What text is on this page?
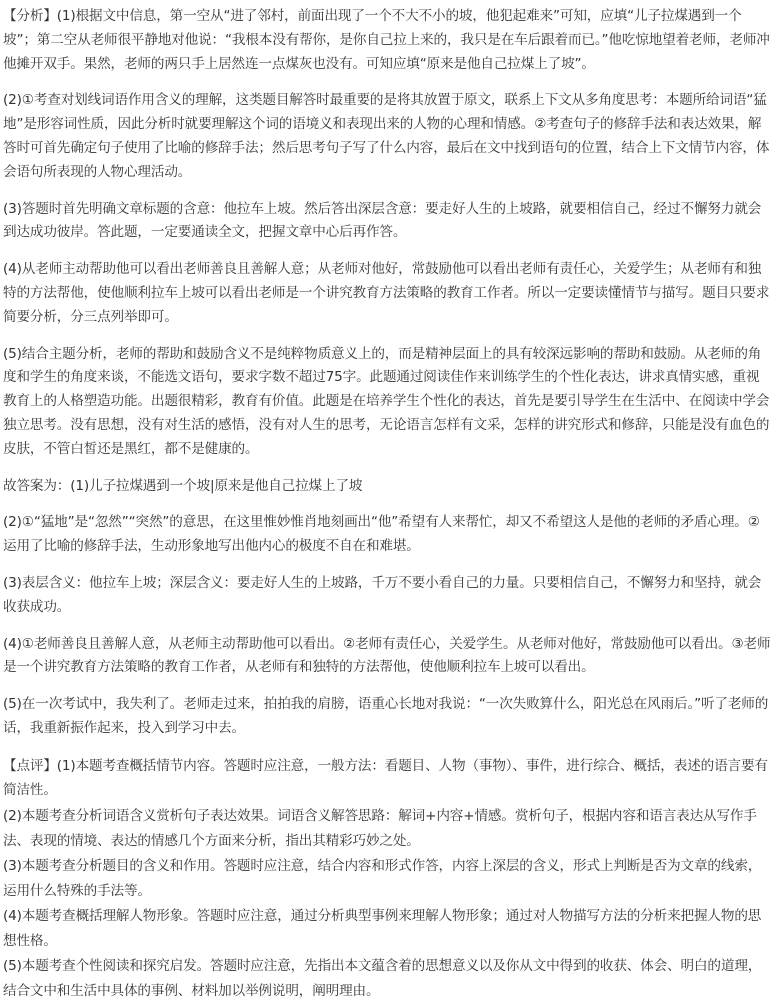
【分析】(1)根据文中信息，第一空从“进了邻村，前面出现了一个不大不小的坡，他犯起难来”可知，应填“儿子拉煤遇到一个坡”；第二空从老师很平静地对他说：“我根本没有帮你，是你自己拉上来的，我只是在车后跟着而已。”他吃惊地望着老师，老师冲他摊开双手。果然，老师的两只手上居然连一点煤灰也没有。可知应填“原来是他自己拉煤上了坡”。

(2)①考查对划线词语作用含义的理解，这类题目解答时最重要的是将其放置于原文，联系上下文从多角度思考：本题所给词语“猛地”是形容词性质，因此分析时就要理解这个词的语境义和表现出来的人物的心理和情感。②考查句子的修辞手法和表达效果，解答时可首先确定句子使用了比喻的修辞手法；然后思考句子写了什么内容，最后在文中找到语句的位置，结合上下文情节内容，体会语句所表现的人物心理活动。

(3)答题时首先明确文章标题的含意：他拉车上坡。然后答出深层含意：要走好人生的上坡路，就要相信自己，经过不懈努力就会到达成功彼岸。答此题，一定要通读全文，把握文章中心后再作答。

(4)从老师主动帮助他可以看出老师善良且善解人意；从老师对他好，常鼓励他可以看出老师有责任心，关爱学生；从老师有和独特的方法帮他，使他顺利拉车上坡可以看出老师是一个讲究教育方法策略的教育工作者。所以一定要读懂情节与描写。题目只要求简要分析，分三点列举即可。

(5)结合主题分析，老师的帮助和鼓励含义不是纯粹物质意义上的，而是精神层面上的具有较深远影响的帮助和鼓励。从老师的角度和学生的角度来谈，不能选文语句，要求字数不超过75字。此题通过阅读佳作来训练学生的个性化表达，讲求真情实感，重视教育上的人格塑造功能。出题很精彩，教育有价值。此题是在培养学生个性化的表达，首先是要引导学生在生活中、在阅读中学会独立思考。没有思想，没有对生活的感悟，没有对人生的思考，无论语言怎样有文采，怎样的讲究形式和修辞，只能是没有血色的皮肤，不管白皙还是黑红，都不是健康的。

故答案为：(1)儿子拉煤遇到一个坡|原来是他自己拉煤上了坡

(2)①“猛地”是“忽然”“突然”的意思，在这里惟妙惟肖地刻画出“他”希望有人来帮忙，却又不希望这人是他的老师的矛盾心理。②运用了比喻的修辞手法，生动形象地写出他内心的极度不自在和难堪。

(3)表层含义：他拉车上坡；深层含义：要走好人生的上坡路，千万不要小看自己的力量。只要相信自己，不懈努力和坚持，就会收获成功。

(4)①老师善良且善解人意，从老师主动帮助他可以看出。②老师有责任心，关爱学生。从老师对他好，常鼓励他可以看出。③老师是一个讲究教育方法策略的教育工作者，从老师有和独特的方法帮他，使他顺利拉车上坡可以看出。

(5)在一次考试中，我失利了。老师走过来，拍拍我的肩膀，语重心长地对我说：“一次失败算什么，阳光总在风雨后。”听了老师的话，我重新振作起来，投入到学习中去。

【点评】(1)本题考查概括情节内容。答题时应注意，一般方法：看题目、人物（事物）、事件，进行综合、概括，表述的语言要有简洁性。

(2)本题考查分析词语含义赏析句子表达效果。词语含义解答思路：解词+内容+情感。赏析句子，根据内容和语言表达从写作手法、表现的情境、表达的情感几个方面来分析，指出其精彩巧妙之处。

(3)本题考查分析题目的含义和作用。答题时应注意，结合内容和形式作答，内容上深层的含义，形式上判断是否为文章的线索，运用什么特殊的手法等。

(4)本题考查概括理解人物形象。答题时应注意，通过分析典型事例来理解人物形象；通过对人物描写方法的分析来把握人物的思想性格。

(5)本题考查个性阅读和探究启发。答题时应注意，先指出本文蕴含着的思想意义以及你从文中得到的收获、体会、明白的道理，结合文中和生活中具体的事例、材料加以举例说明，阐明理由。
